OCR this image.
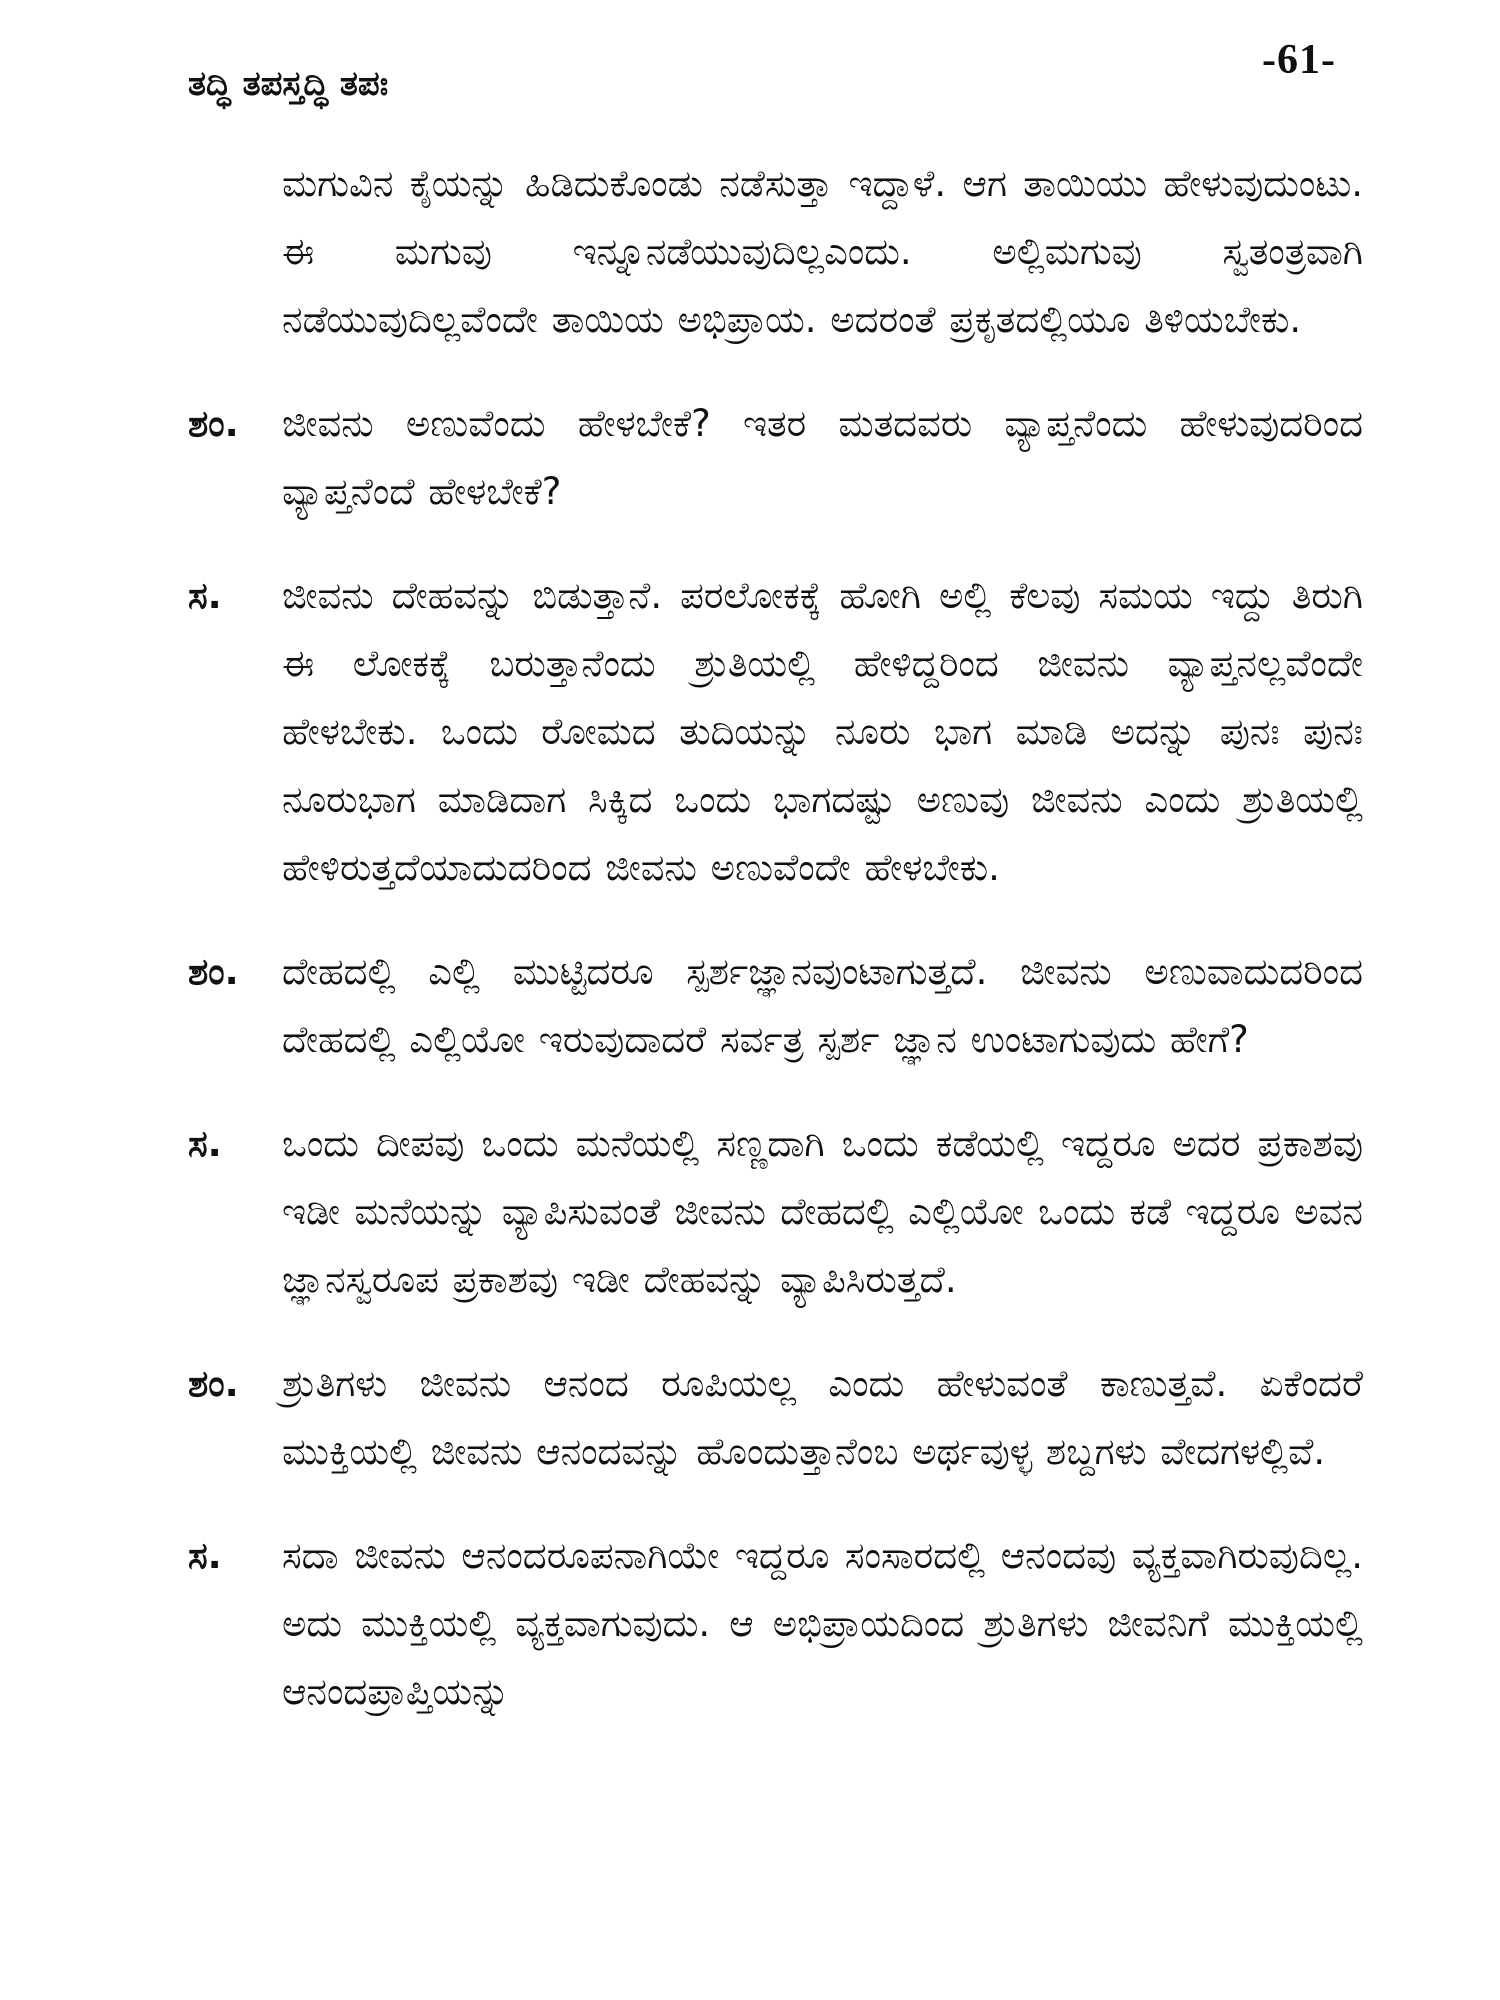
-61-
ತದ್ಧಿ ತಪಸ್ತದ್ಧಿ ತಪಃ
ಮಗುವಿನ ಕೈಯನ್ನು ಹಿಡಿದುಕೊಂಡು ನಡೆಸುತ್ತಾ ಇದ್ದಾಳೆ. ಆಗ ತಾಯಿಯು ಹೇಳುವುದುಂಟು. ಈ ಮಗುವು ಇನ್ನೂನಡೆಯುವುದಿಲ್ಲಎಂದು. ಅಲ್ಲಿಮಗುವು ಸ್ವತಂತ್ರವಾಗಿ ನಡೆಯುವುದಿಲ್ಲವೆಂದೇ ತಾಯಿಯ ಅಭಿಪ್ರಾಯ. ಅದರಂತೆ ಪ್ರಕೃತದಲ್ಲಿಯೂ ತಿಳಿಯಬೇಕು.
ಶಂ.	ಜೀವನು ಅಣುವೆಂದು ಹೇಳಬೇಕೆ? ಇತರ ಮತದವರು ವ್ಯಾಪ್ತನೆಂದು ಹೇಳುವುದರಿಂದ ವ್ಯಾಪ್ತನೆಂದೆ ಹೇಳಬೇಕೆ?
ಸ.	ಜೀವನು ದೇಹವನ್ನು ಬಿಡುತ್ತಾನೆ. ಪರಲೋಕಕ್ಕೆ ಹೋಗಿ ಅಲ್ಲಿ ಕೆಲವು ಸಮಯ ಇದ್ದು ತಿರುಗಿ ಈ ಲೋಕಕ್ಕೆ ಬರುತ್ತಾನೆಂದು ಶ್ರುತಿಯಲ್ಲಿ ಹೇಳಿದ್ದರಿಂದ ಜೀವನು ವ್ಯಾಪ್ತನಲ್ಲವೆಂದೇ ಹೇಳಬೇಕು. ಒಂದು ರೋಮದ ತುದಿಯನ್ನು ನೂರು ಭಾಗ ಮಾಡಿ ಅದನ್ನು ಪುನಃ ಪುನಃ ನೂರುಭಾಗ ಮಾಡಿದಾಗ ಸಿಕ್ಕಿದ ಒಂದು ಭಾಗದಷ್ಟು ಅಣುವು ಜೀವನು ಎಂದು ಶ್ರುತಿಯಲ್ಲಿ ಹೇಳಿರುತ್ತದೆಯಾದುದರಿಂದ ಜೀವನು ಅಣುವೆಂದೇ ಹೇಳಬೇಕು.
ಶಂ.	ದೇಹದಲ್ಲಿ ಎಲ್ಲಿ ಮುಟ್ಟಿದರೂ ಸ್ಪರ್ಶಜ್ಞಾನವುಂಟಾಗುತ್ತದೆ. ಜೀವನು ಅಣುವಾದುದರಿಂದ ದೇಹದಲ್ಲಿ ಎಲ್ಲಿಯೋ ಇರುವುದಾದರೆ ಸರ್ವತ್ರ ಸ್ಪರ್ಶ ಜ್ಞಾನ ಉಂಟಾಗುವುದು ಹೇಗೆ?
ಸ.	ಒಂದು ದೀಪವು ಒಂದು ಮನೆಯಲ್ಲಿ ಸಣ್ಣದಾಗಿ ಒಂದು ಕಡೆಯಲ್ಲಿ ಇದ್ದರೂ ಅದರ ಪ್ರಕಾಶವು ಇಡೀ ಮನೆಯನ್ನು ವ್ಯಾಪಿಸುವಂತೆ ಜೀವನು ದೇಹದಲ್ಲಿ ಎಲ್ಲಿಯೋ ಒಂದು ಕಡೆ ಇದ್ದರೂ ಅವನ ಜ್ಞಾನಸ್ವರೂಪ ಪ್ರಕಾಶವು ಇಡೀ ದೇಹವನ್ನು ವ್ಯಾಪಿಸಿರುತ್ತದೆ.
ಶಂ.	ಶ್ರುತಿಗಳು ಜೀವನು ಆನಂದ ರೂಪಿಯಲ್ಲ ಎಂದು ಹೇಳುವಂತೆ ಕಾಣುತ್ತವೆ. ಏಕೆಂದರೆ ಮುಕ್ತಿಯಲ್ಲಿ ಜೀವನು ಆನಂದವನ್ನು ಹೊಂದುತ್ತಾನೆಂಬ ಅರ್ಥವುಳ್ಳ ಶಬ್ದಗಳು ವೇದಗಳಲ್ಲಿವೆ.
ಸ.	ಸದಾ ಜೀವನು ಆನಂದರೂಪನಾಗಿಯೇ ಇದ್ದರೂ ಸಂಸಾರದಲ್ಲಿ ಆನಂದವು ವ್ಯಕ್ತವಾಗಿರುವುದಿಲ್ಲ. ಅದು ಮುಕ್ತಿಯಲ್ಲಿ ವ್ಯಕ್ತವಾಗುವುದು. ಆ ಅಭಿಪ್ರಾಯದಿಂದ ಶ್ರುತಿಗಳು ಜೀವನಿಗೆ ಮುಕ್ತಿಯಲ್ಲಿ ಆನಂದಪ್ರಾಪ್ತಿಯನ್ನು
